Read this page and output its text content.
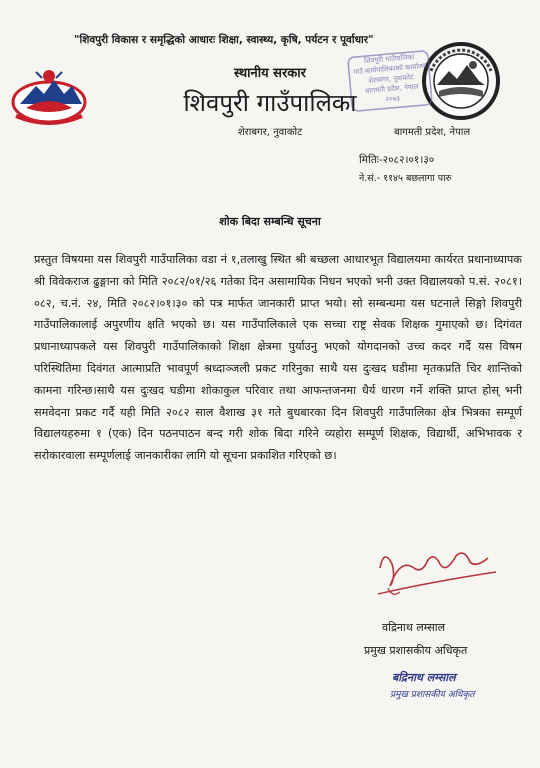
"शिवपुरी विकास र समृद्धिको आधारः शिक्षा, स्वास्थ्य, कृषि, पर्यटन र पूर्वाधार"
शिवपुरी गाउँपालिका
गाउँ कार्यपालिकाको कार्यालय
शेराबगर, नुवाकोट
बागमती प्रदेश, नेपाल
२०७३
स्थानीय सरकार
शिवपुरी गाउँपालिका
शेराबगर, नुवाकोट	बागमती प्रदेश, नेपाल
मितिः-२०८२।०१।३०
ने.सं.- ११४५ बछलागा पारु
शोक बिदा सम्बन्धि सूचना
प्रस्तुत विषयमा यस शिवपुरी गाउँपालिका वडा नं १,तलाखु स्थित श्री बच्छला आधारभूत विद्यालयमा कार्यरत प्रधानाध्यापक श्री विवेकराज ढुङ्गाना को मिति २०८२/०१/२६ गतेका दिन असामायिक निधन भएको भनी उक्त विद्यालयको प.सं. २०८१।०८२, च.नं. २४, मिति २०८२।०१।३० को पत्र मार्फत जानकारी प्राप्त भयो। सो सम्बन्धमा यस घटनाले सिङ्गो शिवपुरी गाउँपालिकालाई अपुरणीय क्षति भएको छ। यस गाउँपालिकाले एक सच्चा राष्ट्र सेवक शिक्षक गुमाएको छ। दिगंवत प्रधानाध्यापकले यस शिवपुरी गाउँपालिकाको शिक्षा क्षेत्रमा पुर्याउनु भएको योगदानको उच्च कदर गर्दै यस विषम परिस्थितिमा दिवंगत आत्माप्रति भावपूर्ण श्रध्दाञ्जली प्रकट गरिनुका साथै यस दुःखद घडीमा मृतकप्रति चिर शान्तिको कामना गरिन्छ।साथै यस दुःखद घडीमा शोकाकुल परिवार तथा आफन्तजनमा धैर्य धारण गर्ने शक्ति प्राप्त होस् भनी समवेदना प्रकट गर्दै यही मिति २०८२ साल वैशाख ३१ गते बुधबारका दिन शिवपुरी गाउँपालिका क्षेत्र भित्रका सम्पूर्ण विद्यालयहरुमा १ (एक) दिन पठनपाठन बन्द गरी शोक बिदा गरिने व्यहोरा सम्पूर्ण शिक्षक, विद्यार्थी, अभिभावक र सरोकारवाला सम्पूर्णलाई जानकारीका लागि यो सूचना प्रकाशित गरिएको छ।
वद्रिनाथ लम्साल
प्रमुख प्रशासकीय अधिकृत
बद्रिनाथ लम्साल
प्रमुख प्रशासकीय अधिकृत
